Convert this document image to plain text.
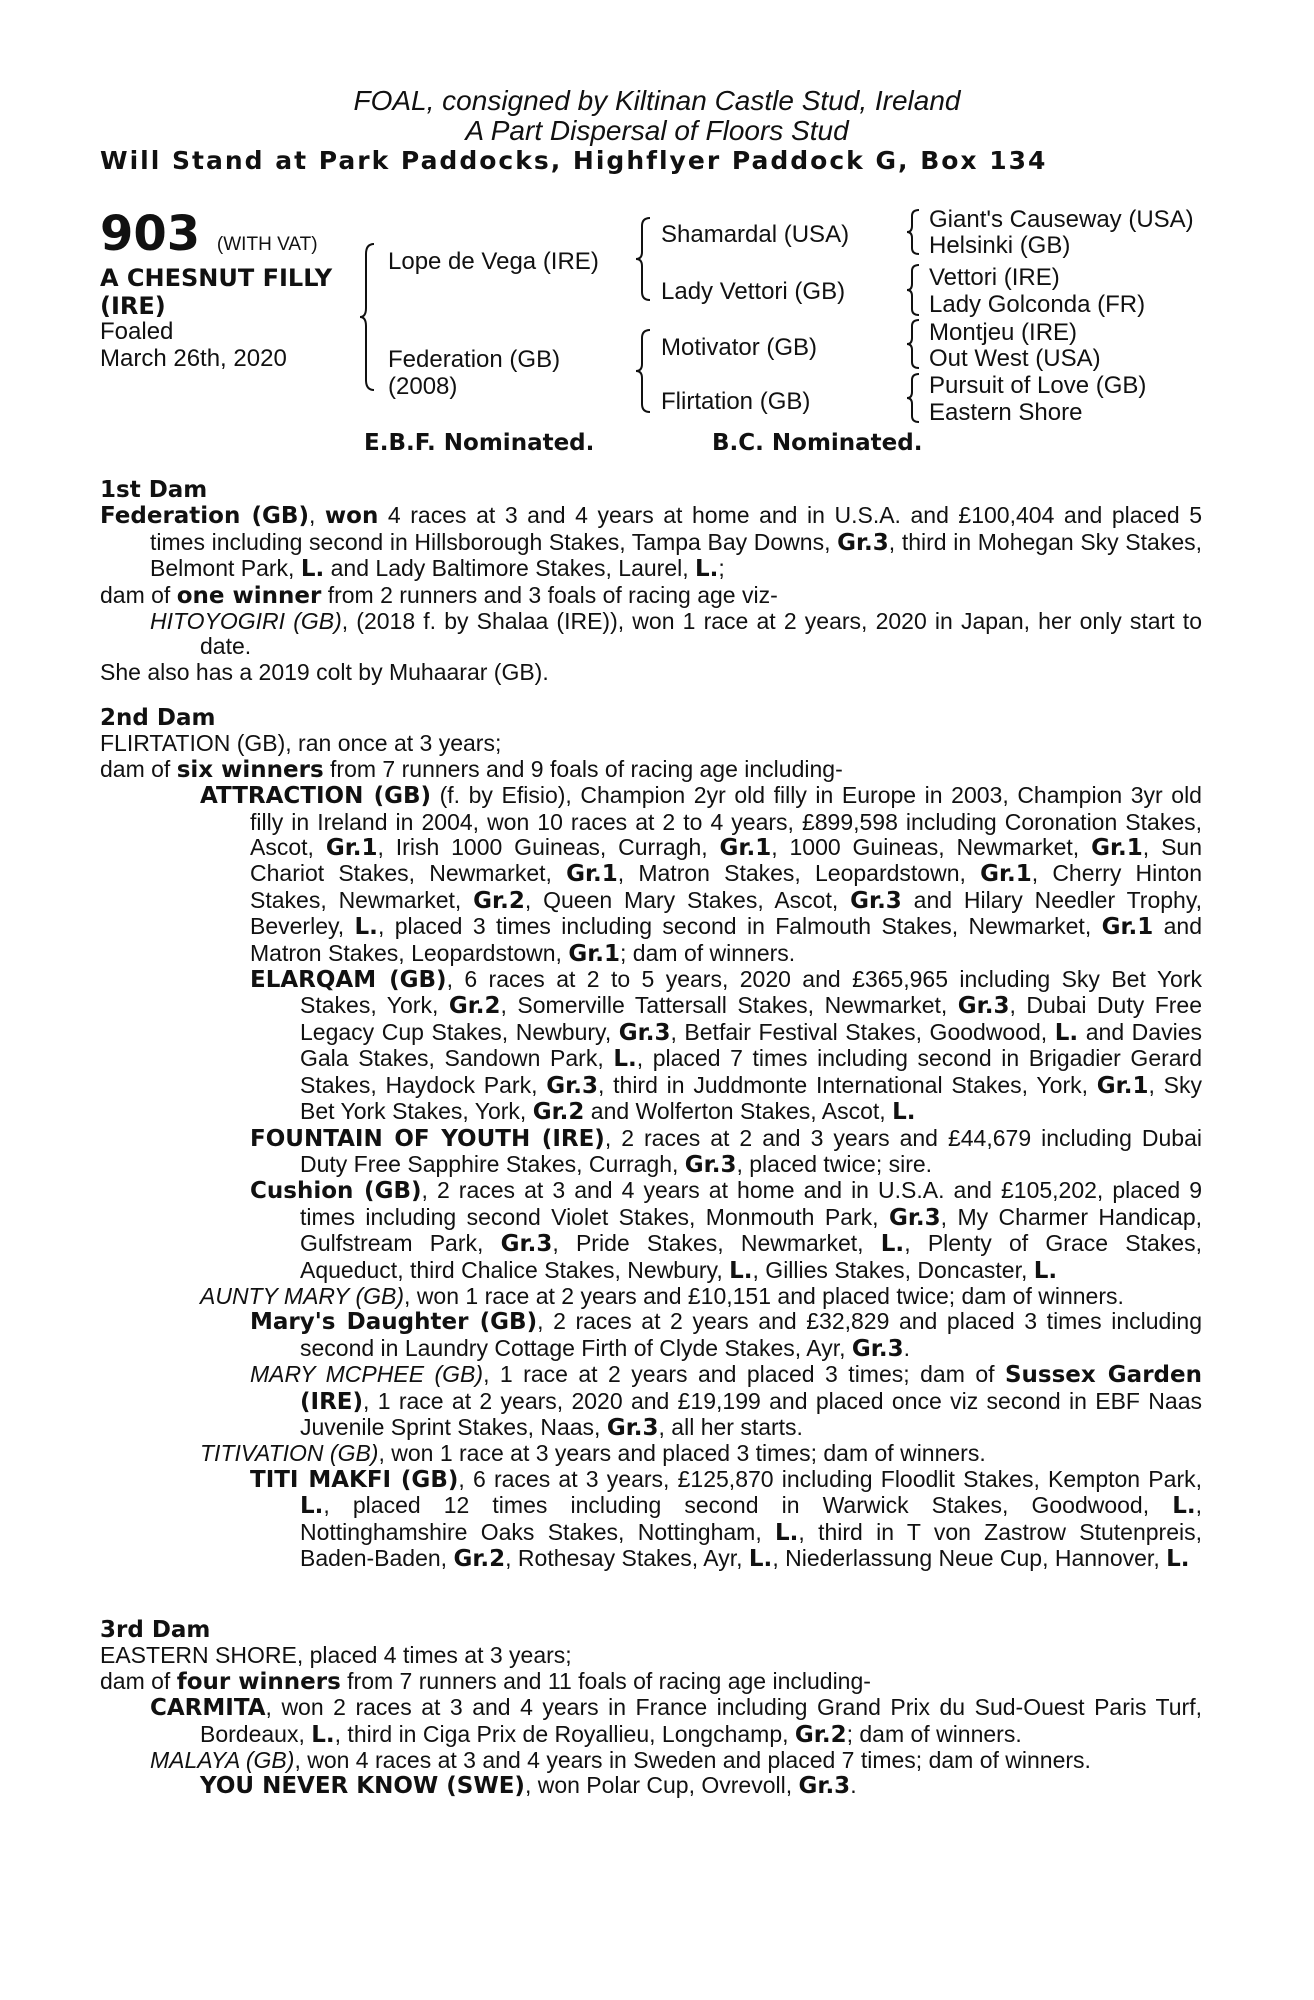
FOAL, consigned by Kiltinan Castle Stud, Ireland
A Part Dispersal of Floors Stud
Will Stand at Park Paddocks, Highflyer Paddock G, Box 134
903 (WITH VAT)
A CHESNUT FILLY
(IRE)
Foaled
March 26th, 2020
Lope de Vega (IRE)
Federation (GB)
(2008)
Shamardal (USA)
Lady Vettori (GB)
Motivator (GB)
Flirtation (GB)
Giant's Causeway (USA)
Helsinki (GB)
Vettori (IRE)
Lady Golconda (FR)
Montjeu (IRE)
Out West (USA)
Pursuit of Love (GB)
Eastern Shore
E.B.F. Nominated.	B.C. Nominated.

1st Dam

Federation (GB), won 4 races at 3 and 4 years at home and in U.S.A. and £100,404 and placed 5 times including second in Hillsborough Stakes, Tampa Bay Downs, Gr.3, third in Mohegan Sky Stakes, Belmont Park, L. and Lady Baltimore Stakes, Laurel, L.;

dam of one winner from 2 runners and 3 foals of racing age viz-

HITOYOGIRI (GB), (2018 f. by Shalaa (IRE)), won 1 race at 2 years, 2020 in Japan, her only start to date.

She also has a 2019 colt by Muhaarar (GB).

2nd Dam

FLIRTATION (GB), ran once at 3 years;

dam of six winners from 7 runners and 9 foals of racing age including-

ATTRACTION (GB) (f. by Efisio), Champion 2yr old filly in Europe in 2003, Champion 3yr old filly in Ireland in 2004, won 10 races at 2 to 4 years, £899,598 including Coronation Stakes, Ascot, Gr.1, Irish 1000 Guineas, Curragh, Gr.1, 1000 Guineas, Newmarket, Gr.1, Sun Chariot Stakes, Newmarket, Gr.1, Matron Stakes, Leopardstown, Gr.1, Cherry Hinton Stakes, Newmarket, Gr.2, Queen Mary Stakes, Ascot, Gr.3 and Hilary Needler Trophy, Beverley, L., placed 3 times including second in Falmouth Stakes, Newmarket, Gr.1 and Matron Stakes, Leopardstown, Gr.1; dam of winners.

ELARQAM (GB), 6 races at 2 to 5 years, 2020 and £365,965 including Sky Bet York Stakes, York, Gr.2, Somerville Tattersall Stakes, Newmarket, Gr.3, Dubai Duty Free Legacy Cup Stakes, Newbury, Gr.3, Betfair Festival Stakes, Goodwood, L. and Davies Gala Stakes, Sandown Park, L., placed 7 times including second in Brigadier Gerard Stakes, Haydock Park, Gr.3, third in Juddmonte International Stakes, York, Gr.1, Sky Bet York Stakes, York, Gr.2 and Wolferton Stakes, Ascot, L.

FOUNTAIN OF YOUTH (IRE), 2 races at 2 and 3 years and £44,679 including Dubai Duty Free Sapphire Stakes, Curragh, Gr.3, placed twice; sire.

Cushion (GB), 2 races at 3 and 4 years at home and in U.S.A. and £105,202, placed 9 times including second Violet Stakes, Monmouth Park, Gr.3, My Charmer Handicap, Gulfstream Park, Gr.3, Pride Stakes, Newmarket, L., Plenty of Grace Stakes, Aqueduct, third Chalice Stakes, Newbury, L., Gillies Stakes, Doncaster, L.

AUNTY MARY (GB), won 1 race at 2 years and £10,151 and placed twice; dam of winners.

Mary's Daughter (GB), 2 races at 2 years and £32,829 and placed 3 times including second in Laundry Cottage Firth of Clyde Stakes, Ayr, Gr.3.

MARY MCPHEE (GB), 1 race at 2 years and placed 3 times; dam of Sussex Garden (IRE), 1 race at 2 years, 2020 and £19,199 and placed once viz second in EBF Naas Juvenile Sprint Stakes, Naas, Gr.3, all her starts.

TITIVATION (GB), won 1 race at 3 years and placed 3 times; dam of winners.

TITI MAKFI (GB), 6 races at 3 years, £125,870 including Floodlit Stakes, Kempton Park, L., placed 12 times including second in Warwick Stakes, Goodwood, L., Nottinghamshire Oaks Stakes, Nottingham, L., third in T von Zastrow Stutenpreis, Baden-Baden, Gr.2, Rothesay Stakes, Ayr, L., Niederlassung Neue Cup, Hannover, L.

3rd Dam

EASTERN SHORE, placed 4 times at 3 years;

dam of four winners from 7 runners and 11 foals of racing age including-

CARMITA, won 2 races at 3 and 4 years in France including Grand Prix du Sud-Ouest Paris Turf, Bordeaux, L., third in Ciga Prix de Royallieu, Longchamp, Gr.2; dam of winners.

MALAYA (GB), won 4 races at 3 and 4 years in Sweden and placed 7 times; dam of winners.

YOU NEVER KNOW (SWE), won Polar Cup, Ovrevoll, Gr.3.
